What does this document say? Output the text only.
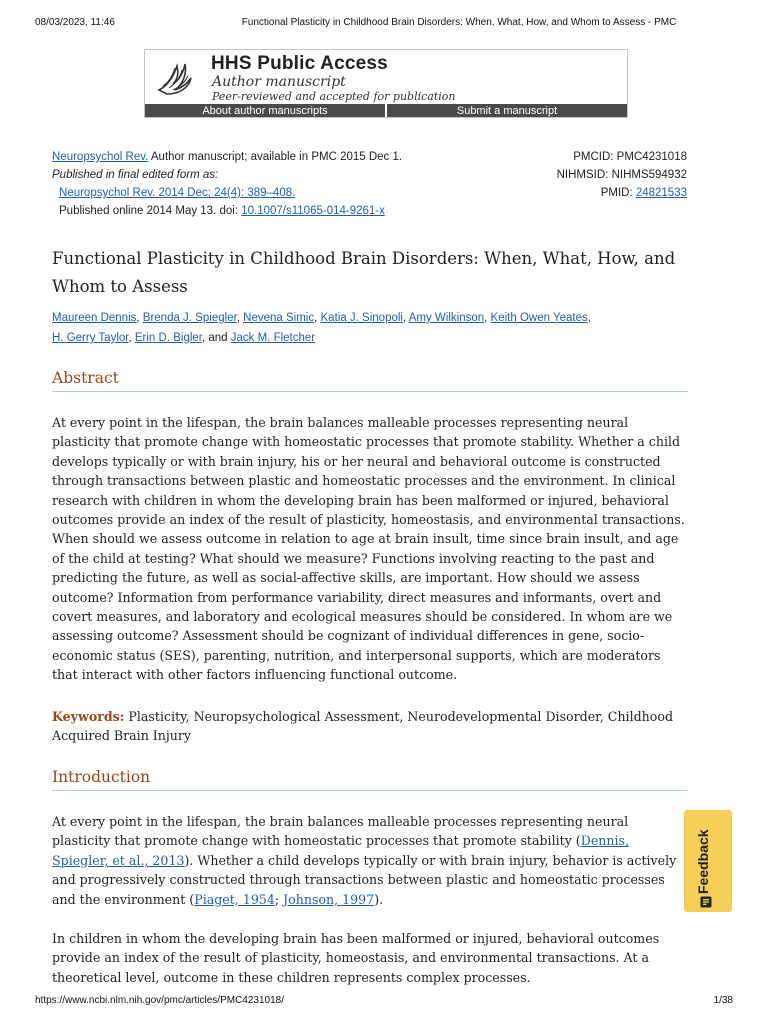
08/03/2023, 11:46	Functional Plasticity in Childhood Brain Disorders: When, What, How, and Whom to Assess - PMC
HHS Public Access
Author manuscript
Peer-reviewed and accepted for publication
About author manuscripts	Submit a manuscript
Neuropsychol Rev. Author manuscript; available in PMC 2015 Dec 1.
Published in final edited form as:
Neuropsychol Rev. 2014 Dec; 24(4): 389–408.
Published online 2014 May 13. doi: 10.1007/s11065-014-9261-x
PMCID: PMC4231018
NIHMSID: NIHMS594932
PMID: 24821533
Functional Plasticity in Childhood Brain Disorders: When, What, How, and Whom to Assess
Maureen Dennis, Brenda J. Spiegler, Nevena Simic, Katia J. Sinopoli, Amy Wilkinson, Keith Owen Yeates,
H. Gerry Taylor, Erin D. Bigler, and Jack M. Fletcher
Abstract

At every point in the lifespan, the brain balances malleable processes representing neural plasticity that promote change with homeostatic processes that promote stability. Whether a child develops typically or with brain injury, his or her neural and behavioral outcome is constructed through transactions between plastic and homeostatic processes and the environment. In clinical research with children in whom the developing brain has been malformed or injured, behavioral outcomes provide an index of the result of plasticity, homeostasis, and environmental transactions. When should we assess outcome in relation to age at brain insult, time since brain insult, and age of the child at testing? What should we measure? Functions involving reacting to the past and predicting the future, as well as social-affective skills, are important. How should we assess outcome? Information from performance variability, direct measures and informants, overt and covert measures, and laboratory and ecological measures should be considered. In whom are we assessing outcome? Assessment should be cognizant of individual differences in gene, socio-economic status (SES), parenting, nutrition, and interpersonal supports, which are moderators that interact with other factors influencing functional outcome.

Keywords: Plasticity, Neuropsychological Assessment, Neurodevelopmental Disorder, Childhood Acquired Brain Injury

Introduction

At every point in the lifespan, the brain balances malleable processes representing neural plasticity that promote change with homeostatic processes that promote stability (Dennis, Spiegler, et al., 2013). Whether a child develops typically or with brain injury, behavior is actively and progressively constructed through transactions between plastic and homeostatic processes and the environment (Piaget, 1954; Johnson, 1997).

In children in whom the developing brain has been malformed or injured, behavioral outcomes provide an index of the result of plasticity, homeostasis, and environmental transactions. At a theoretical level, outcome in these children represents complex processes.

Feedback
https://www.ncbi.nlm.nih.gov/pmc/articles/PMC4231018/	1/38
